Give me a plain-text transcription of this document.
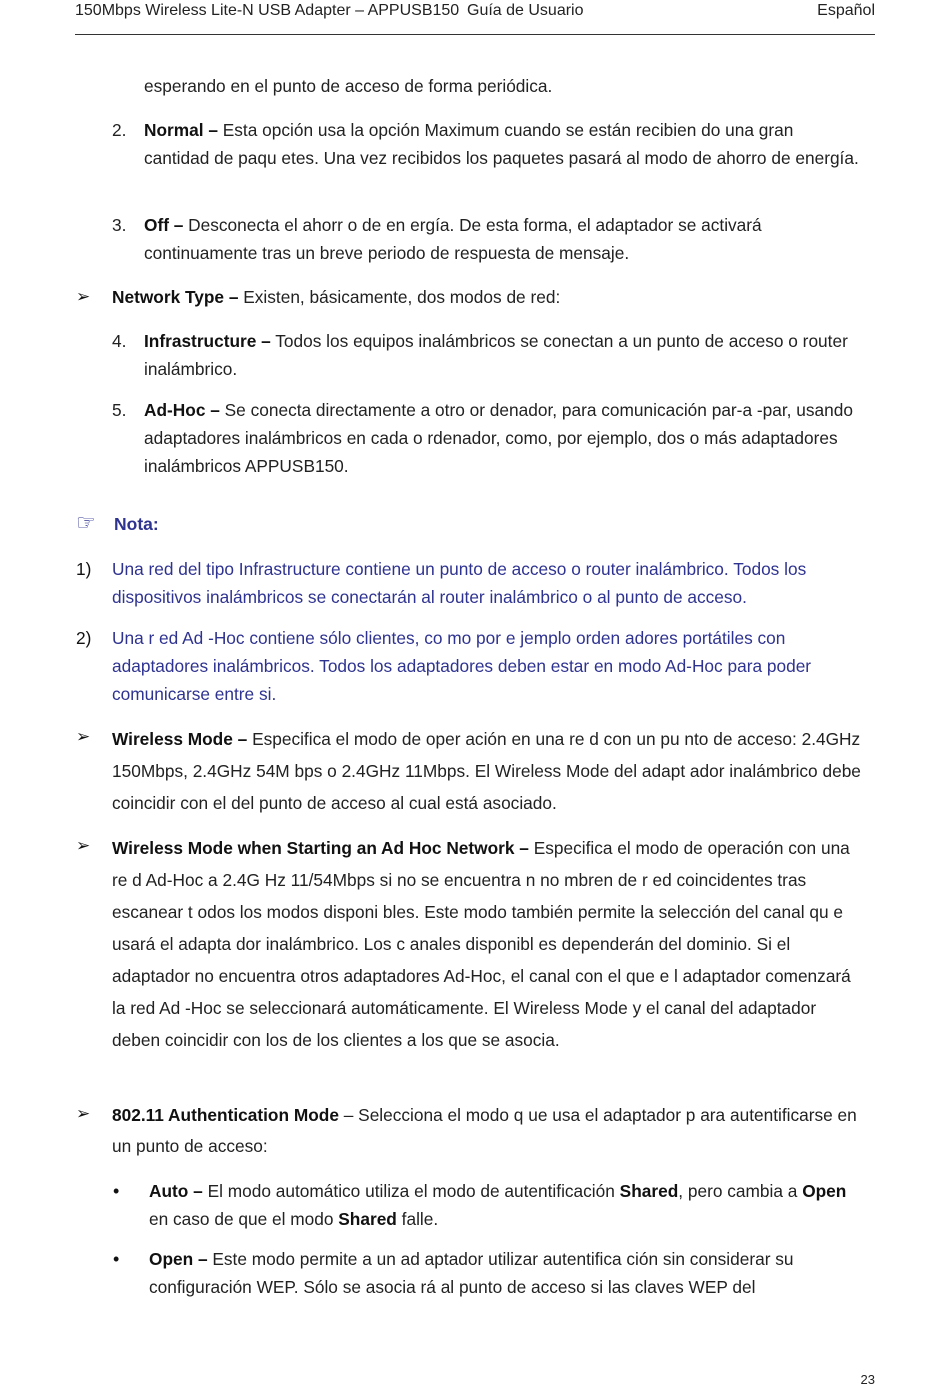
150Mbps Wireless Lite-N USB Adapter – APPUSB150 Guía de Usuario	Español
esperando en el punto de acceso de forma periódica.
2. Normal – Esta opción usa la opción Maximum cuando se están recibien do una gran cantidad de paqu etes. Una vez recibidos los paquetes pasará al modo de ahorro de energía.
3. Off – Desconecta el ahorr o de en ergía. De esta forma, el adaptador se activará continuamente tras un breve periodo de respuesta de mensaje.
➢ Network Type – Existen, básicamente, dos modos de red:
4. Infrastructure – Todos los equipos inalámbricos se conectan a un punto de acceso o router inalámbrico.
5. Ad-Hoc – Se conecta directamente a otro or denador, para comunicación par-a -par, usando adaptadores inalámbricos en cada o rdenador, como, por ejemplo, dos o más adaptadores inalámbricos APPUSB150.
☞ Nota:
1) Una red del tipo Infrastructure contiene un punto de acceso o router inalámbrico. Todos los dispositivos inalámbricos se conectarán al router inalámbrico o al punto de acceso.
2) Una r ed Ad -Hoc contiene sólo clientes, co mo por e jemplo orden adores portátiles con adaptadores inalámbricos. Todos los adaptadores deben estar en modo Ad-Hoc para poder comunicarse entre si.
➢ Wireless Mode – Especifica el modo de oper ación en una re d con un pu nto de acceso: 2.4GHz 150Mbps, 2.4GHz 54M bps o 2.4GHz 11Mbps. El Wireless Mode del adapt ador inalámbrico debe coincidir con el del punto de acceso al cual está asociado.
➢ Wireless Mode when Starting an Ad Hoc Network – Especifica el modo de operación con una re d Ad-Hoc a 2.4G Hz 11/54Mbps si no se encuentra n no mbren de r ed coincidentes tras escanear t odos los modos disponi bles. Este modo también permite la selección del canal qu e usará el adapta dor inalámbrico. Los c anales disponibl es dependerán del dominio. Si el adaptador no encuentra otros adaptadores Ad-Hoc, el canal con el que e l adaptador comenzará la red Ad -Hoc se seleccionará automáticamente. El Wireless Mode y el canal del adaptador deben coincidir con los de los clientes a los que se asocia.
➢ 802.11 Authentication Mode – Selecciona el modo q ue usa el adaptador p ara autentificarse en un punto de acceso:
• Auto – El modo automático utiliza el modo de autentificación Shared, pero cambia a Open en caso de que el modo Shared falle.
• Open – Este modo permite a un ad aptador utilizar autentifica ción sin considerar su configuración WEP. Sólo se asocia rá al punto de acceso si las claves WEP del
23
